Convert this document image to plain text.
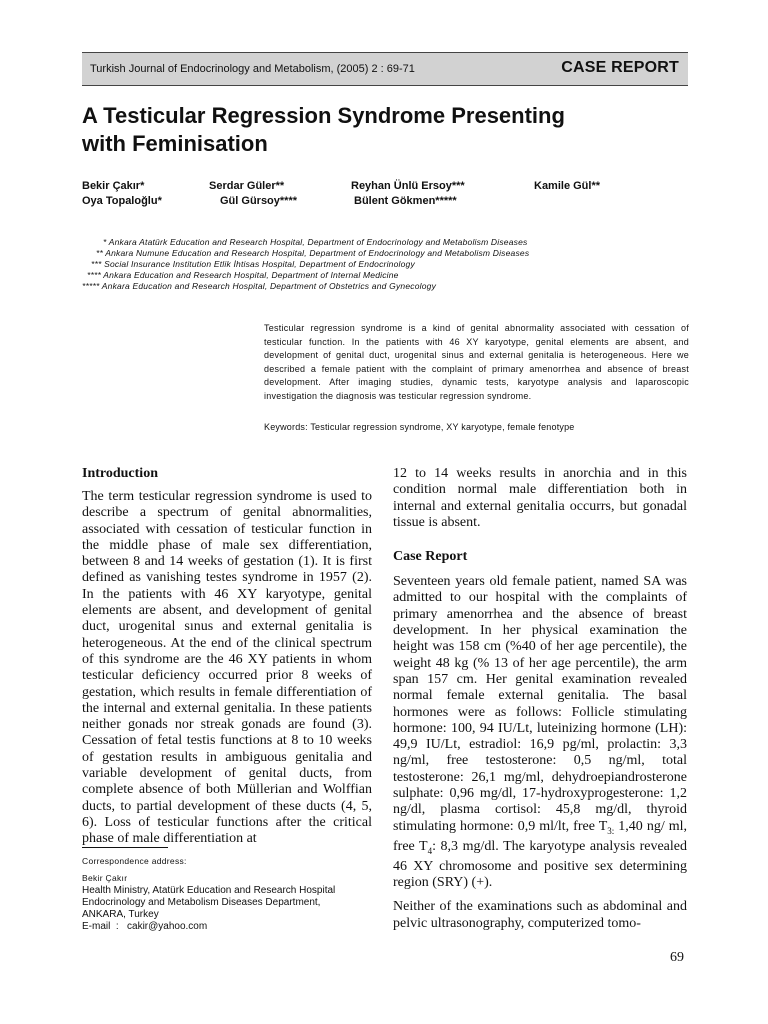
Turkish Journal of Endocrinology and Metabolism, (2005) 2 : 69-71	CASE REPORT
A Testicular Regression Syndrome Presenting
with Feminisation
Bekir Çakır*	Serdar Güler**	Reyhan Ünlü Ersoy***	Kamile Gül**
Oya Topaloğlu*	Gül Gürsoy****	Bülent Gökmen*****
* Ankara Atatürk Education and Research Hospital, Department of Endocrinology and Metabolism Diseases
** Ankara Numune Education and Research Hospital, Department of Endocrinology and Metabolism Diseases
*** Social Insurance Institution Etlik İhtisas Hospital, Department of Endocrinology
**** Ankara Education and Research Hospital, Department of Internal Medicine
***** Ankara Education and Research Hospital, Department of Obstetrics and Gynecology
Testicular regression syndrome is a kind of genital abnormality associated with cessation of testicular function. In the patients with 46 XY karyotype, genital elements are absent, and development of genital duct, urogenital sinus and external genitalia is heterogeneous. Here we described a female patient with the complaint of primary amenorrhea and absence of breast development. After imaging studies, dynamic tests, karyotype analysis and laparoscopic investigation the diagnosis was testicular regression syndrome.
Keywords: Testicular regression syndrome, XY karyotype, female fenotype
Introduction

The term testicular regression syndrome is used to describe a spectrum of genital abnormalities, associated with cessation of testicular function in the middle phase of male sex differentiation, between 8 and 14 weeks of gestation (1). It is first defined as vanishing testes syndrome in 1957 (2). In the patients with 46 XY karyotype, genital elements are absent, and development of genital duct, urogenital sınus and external genitalia is heterogeneous. At the end of the clinical spectrum of this syndrome are the 46 XY patients in whom testicular deficiency occurred prior 8 weeks of gestation, which results in female differentiation of the internal and external genitalia. In these patients neither gonads nor streak gonads are found (3). Cessation of fetal testis functions at 8 to 10 weeks of gestation results in ambiguous genitalia and variable development of genital ducts, from complete absence of both Müllerian and Wolffian ducts, to partial development of these ducts (4, 5, 6). Loss of testicular functions after the critical phase of male differentiation at

12 to 14 weeks results in anorchia and in this condition normal male differentiation both in internal and external genitalia occurrs, but gonadal tissue is absent.

Case Report

Seventeen years old female patient, named SA was admitted to our hospital with the complaints of primary amenorrhea and the absence of breast development. In her physical examination the height was 158 cm (%40 of her age percentile), the weight 48 kg (% 13 of her age percentile), the arm span 157 cm. Her genital examination revealed normal female external genitalia. The basal hormones were as follows: Follicle stimulating hormone: 100, 94 IU/Lt, luteinizing hormone (LH): 49,9 IU/Lt, estradiol: 16,9 pg/ml, prolactin: 3,3 ng/ml, free testosterone: 0,5 ng/ml, total testosterone: 26,1 mg/ml, dehydroepiandrosterone sulphate: 0,96 mg/dl, 17-hydroxyprogesterone: 1,2 ng/dl, plasma cortisol: 45,8 mg/dl, thyroid stimulating hormone: 0,9 ml/lt, free $T_{3:}$ 1,40 ng/ ml, free $T_4$: 8,3 mg/dl. The karyotype analysis revealed 46 XY chromosome and positive sex determining region (SRY) (+).

Neither of the examinations such as abdominal and pelvic ultrasonography, computerized tomo-

Correspondence address:
Bekir Çakır
Health Ministry, Atatürk Education and Research Hospital
Endocrinology and Metabolism Diseases Department,
ANKARA, Turkey
E-mail  :   cakir@yahoo.com
69
